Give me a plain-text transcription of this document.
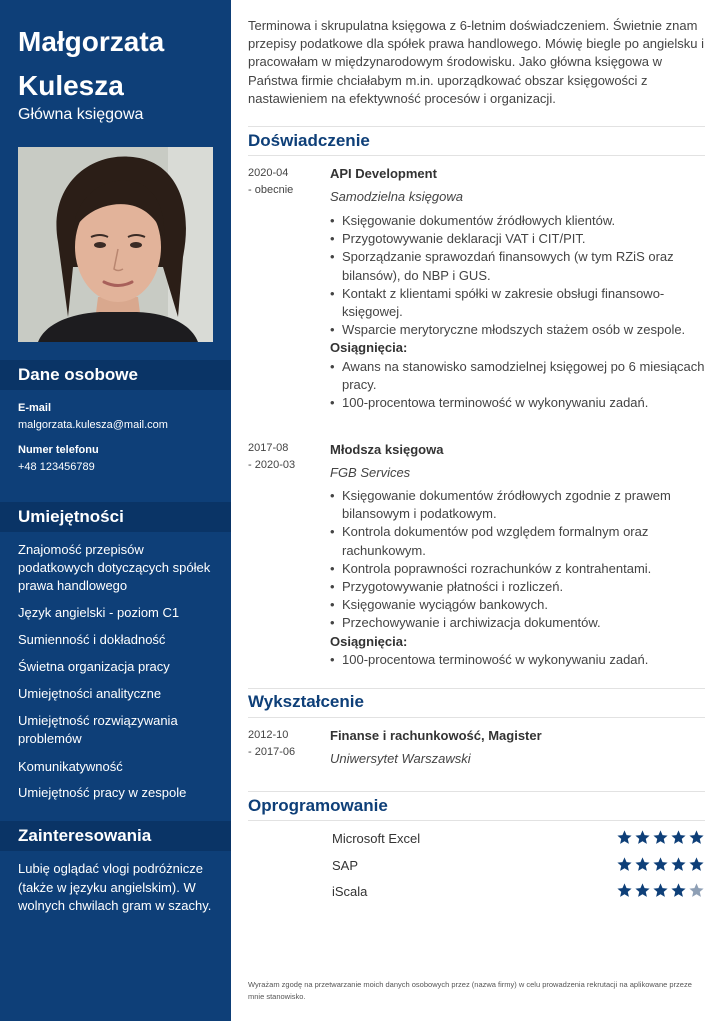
Małgorzata
Kulesza
Główna księgowa
Dane osobowe
E-mail
malgorzata.kulesza@mail.com
Numer telefonu
+48 123456789
Umiejętności
Znajomość przepisów podatkowych dotyczących spółek prawa handlowego
Język angielski - poziom C1
Sumienność i dokładność
Świetna organizacja pracy
Umiejętności analityczne
Umiejętność rozwiązywania problemów
Komunikatywność
Umiejętność pracy w zespole
Zainteresowania
Lubię oglądać vlogi podróżnicze (także w języku angielskim). W wolnych chwilach gram w szachy.

Terminowa i skrupulatna księgowa z 6-letnim doświadczeniem. Świetnie znam przepisy podatkowe dla spółek prawa handlowego. Mówię biegle po angielsku i pracowałam w międzynarodowym środowisku. Jako główna księgowa w Państwa firmie chciałabym m.in. uporządkować obszar księgowości z nastawieniem na efektywność procesów i organizacji.

Doświadczenie
2020-04
- obecnie
API Development
Samodzielna księgowa
• Księgowanie dokumentów źródłowych klientów.
• Przygotowywanie deklaracji VAT i CIT/PIT.
• Sporządzanie sprawozdań finansowych (w tym RZiS oraz bilansów), do NBP i GUS.
• Kontakt z klientami spółki w zakresie obsługi finansowo-księgowej.
• Wsparcie merytoryczne młodszych stażem osób w zespole.
Osiągnięcia:
• Awans na stanowisko samodzielnej księgowej po 6 miesiącach pracy.
• 100-procentowa terminowość w wykonywaniu zadań.
2017-08
- 2020-03
Młodsza księgowa
FGB Services
• Księgowanie dokumentów źródłowych zgodnie z prawem bilansowym i podatkowym.
• Kontrola dokumentów pod względem formalnym oraz rachunkowym.
• Kontrola poprawności rozrachunków z kontrahentami.
• Przygotowywanie płatności i rozliczeń.
• Księgowanie wyciągów bankowych.
• Przechowywanie i archiwizacja dokumentów.
Osiągnięcia:
• 100-procentowa terminowość w wykonywaniu zadań.
Wykształcenie
2012-10
- 2017-06
Finanse i rachunkowość, Magister
Uniwersytet Warszawski
Oprogramowanie
Microsoft Excel
SAP
iScala

Wyrażam zgodę na przetwarzanie moich danych osobowych przez (nazwa firmy) w celu prowadzenia rekrutacji na aplikowane przeze mnie stanowisko.
